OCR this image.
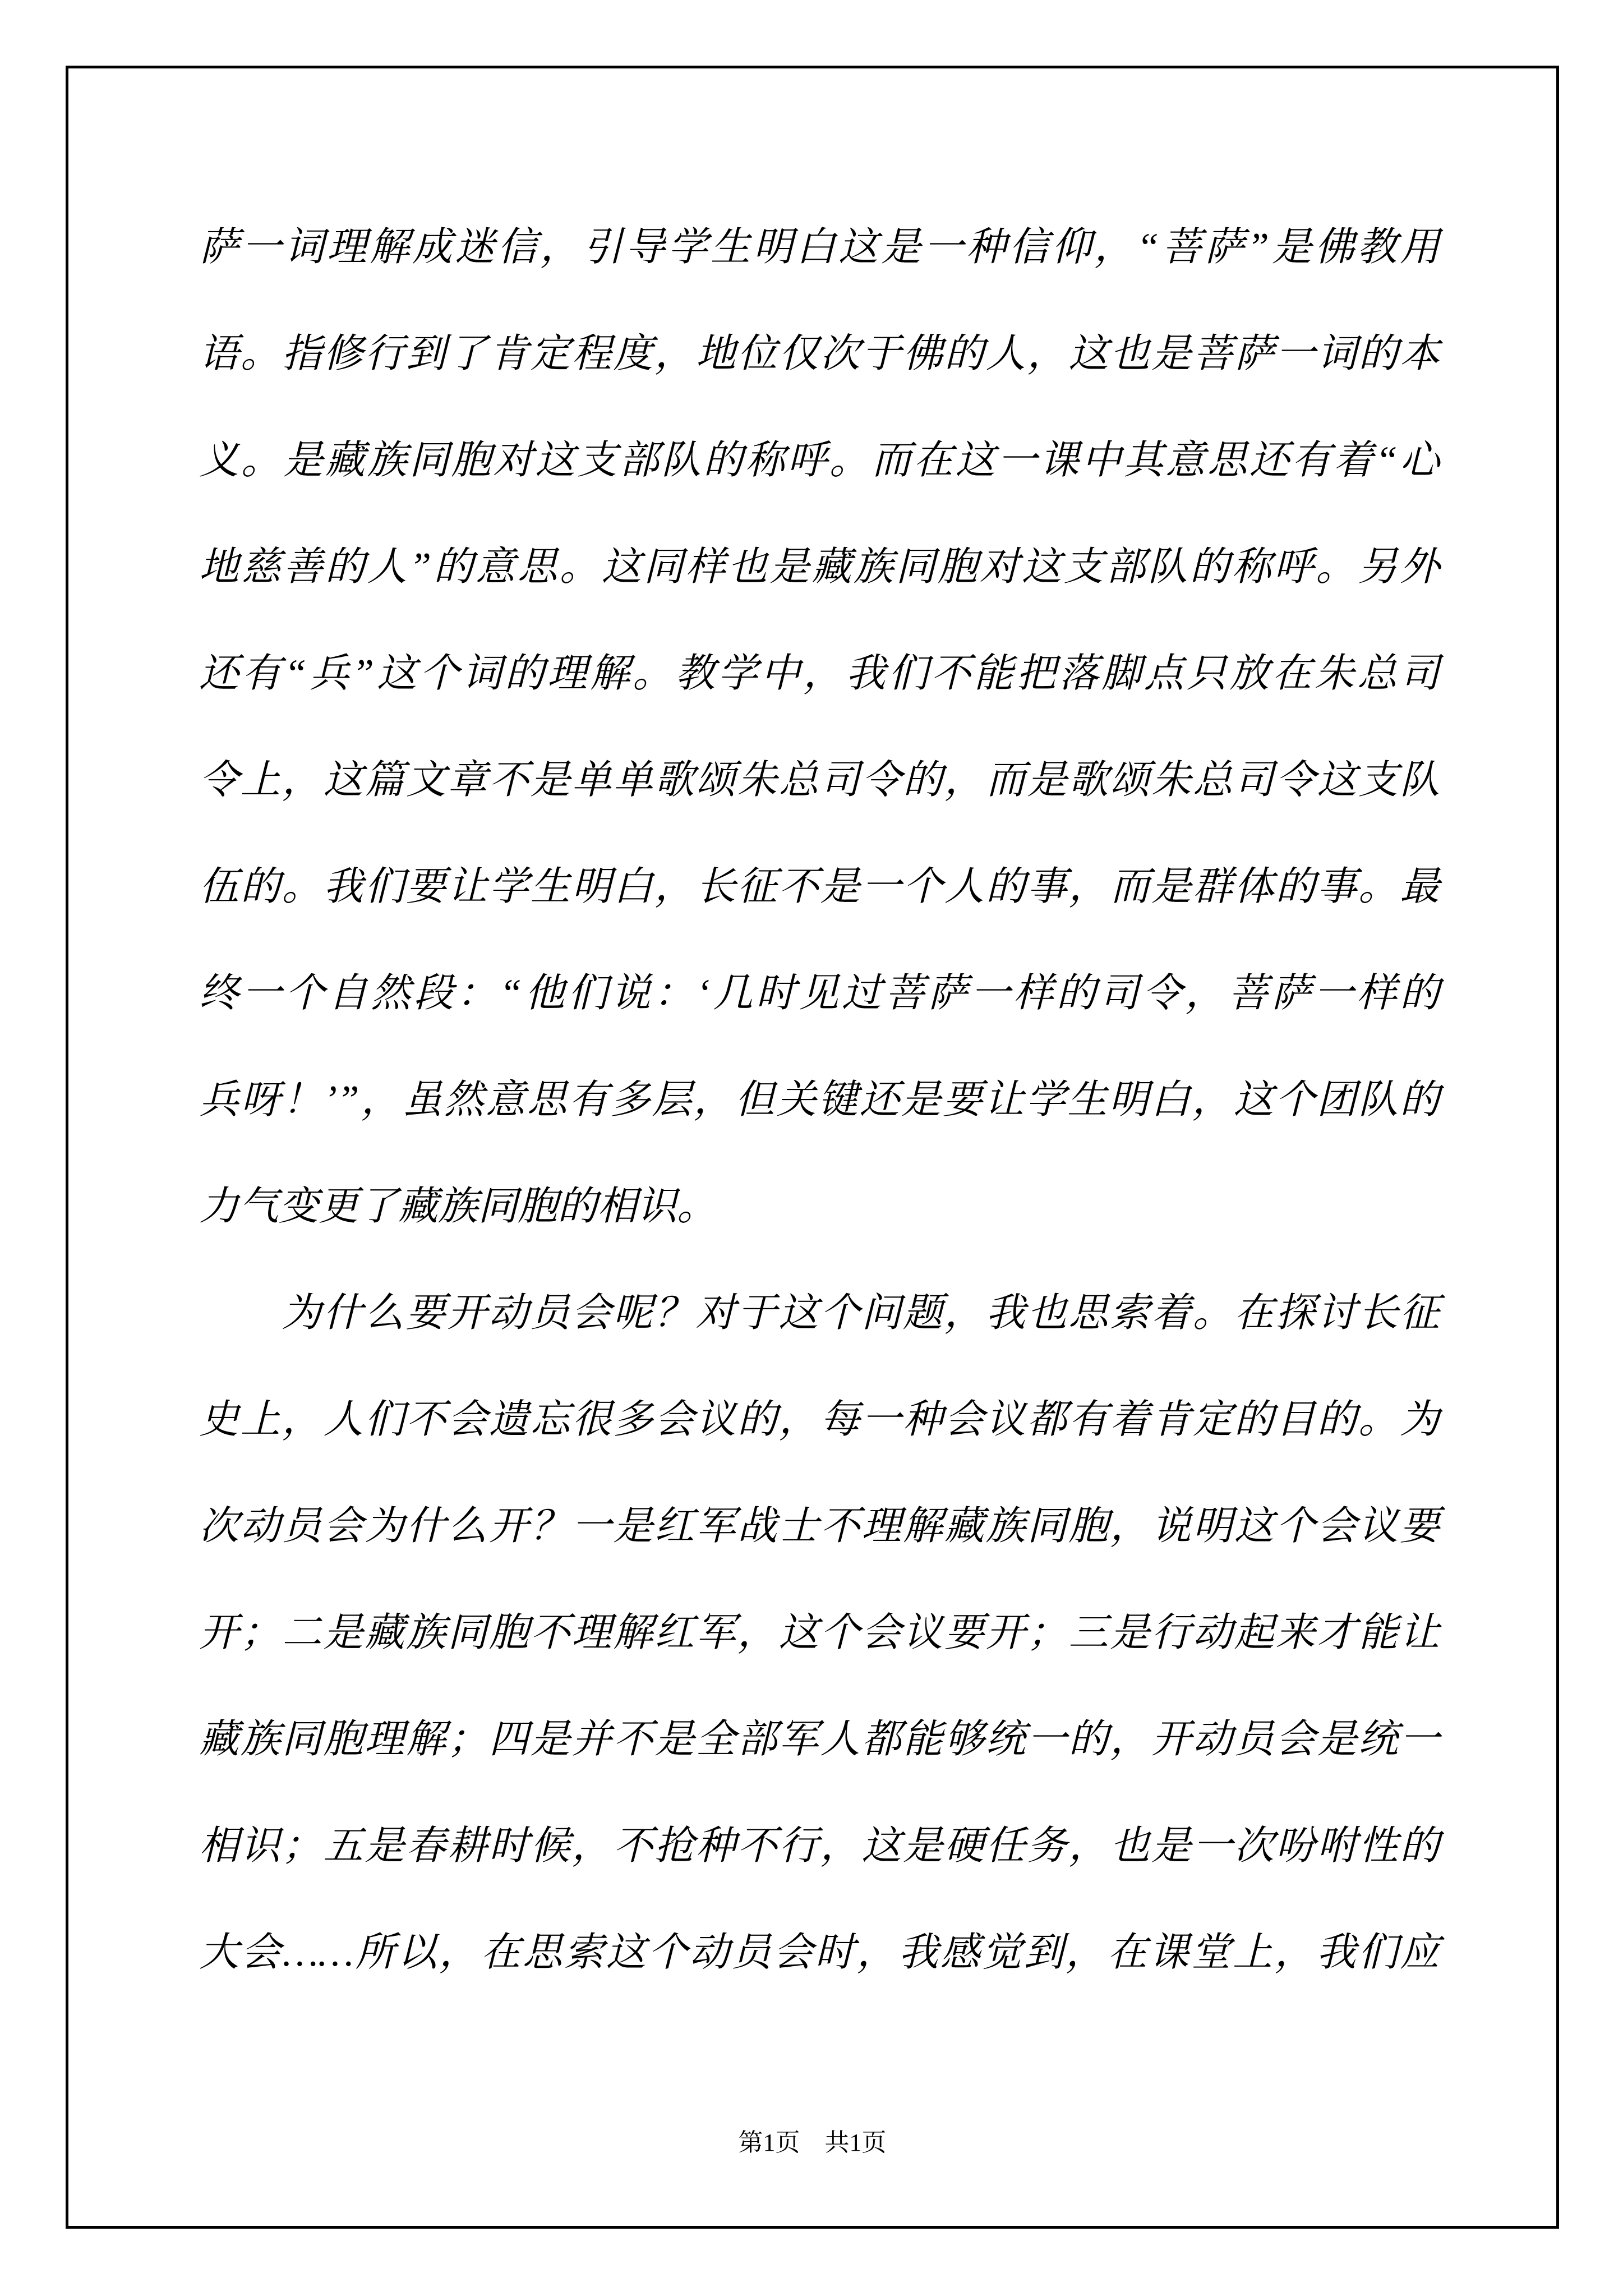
萨一词理解成迷信，引导学生明白这是一种信仰，“菩萨”是佛教用
语。指修行到了肯定程度，地位仅次于佛的人，这也是菩萨一词的本
义。是藏族同胞对这支部队的称呼。而在这一课中其意思还有着“心
地慈善的人”的意思。这同样也是藏族同胞对这支部队的称呼。另外
还有“兵”这个词的理解。教学中，我们不能把落脚点只放在朱总司
令上，这篇文章不是单单歌颂朱总司令的，而是歌颂朱总司令这支队
伍的。我们要让学生明白，长征不是一个人的事，而是群体的事。最
终一个自然段：“他们说：‘几时见过菩萨一样的司令，菩萨一样的
兵呀！’”，虽然意思有多层，但关键还是要让学生明白，这个团队的
力气变更了藏族同胞的相识。
为什么要开动员会呢？对于这个问题，我也思索着。在探讨长征
史上，人们不会遗忘很多会议的，每一种会议都有着肯定的目的。为
次动员会为什么开？一是红军战士不理解藏族同胞，说明这个会议要
开；二是藏族同胞不理解红军，这个会议要开；三是行动起来才能让
藏族同胞理解；四是并不是全部军人都能够统一的，开动员会是统一
相识；五是春耕时候，不抢种不行，这是硬任务，也是一次吩咐性的
大会……所以，在思索这个动员会时，我感觉到，在课堂上，我们应
第1页　共1页
